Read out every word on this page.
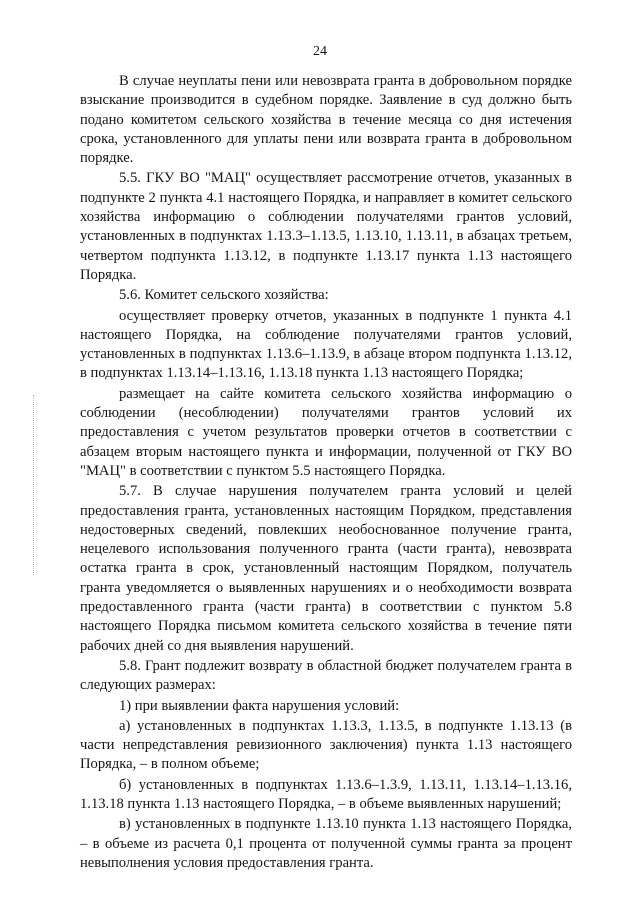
24

В случае неуплаты пени или невозврата гранта в добровольном порядке взыскание производится в судебном порядке. Заявление в суд должно быть подано комитетом сельского хозяйства в течение месяца со дня истечения срока, установленного для уплаты пени или возврата гранта в добровольном порядке.

5.5. ГКУ ВО "МАЦ" осуществляет рассмотрение отчетов, указанных в подпункте 2 пункта 4.1 настоящего Порядка, и направляет в комитет сельского хозяйства информацию о соблюдении получателями грантов условий, установленных в подпунктах 1.13.3–1.13.5, 1.13.10, 1.13.11, в абзацах третьем, четвертом подпункта 1.13.12, в подпункте 1.13.17 пункта 1.13 настоящего Порядка.

5.6. Комитет сельского хозяйства:

осуществляет проверку отчетов, указанных в подпункте 1 пункта 4.1 настоящего Порядка, на соблюдение получателями грантов условий, установленных в подпунктах 1.13.6–1.13.9, в абзаце втором подпункта 1.13.12, в подпунктах 1.13.14–1.13.16, 1.13.18 пункта 1.13 настоящего Порядка;

размещает на сайте комитета сельского хозяйства информацию о соблюдении (несоблюдении) получателями грантов условий их предоставления с учетом результатов проверки отчетов в соответствии с абзацем вторым настоящего пункта и информации, полученной от ГКУ ВО "МАЦ" в соответствии с пунктом 5.5 настоящего Порядка.

5.7. В случае нарушения получателем гранта условий и целей предоставления гранта, установленных настоящим Порядком, представления недостоверных сведений, повлекших необоснованное получение гранта, нецелевого использования полученного гранта (части гранта), невозврата остатка гранта в срок, установленный настоящим Порядком, получатель гранта уведомляется о выявленных нарушениях и о необходимости возврата предоставленного гранта (части гранта) в соответствии с пунктом 5.8 настоящего Порядка письмом комитета сельского хозяйства в течение пяти рабочих дней со дня выявления нарушений.

5.8. Грант подлежит возврату в областной бюджет получателем гранта в следующих размерах:

1) при выявлении факта нарушения условий:

а) установленных в подпунктах 1.13.3, 1.13.5, в подпункте 1.13.13 (в части непредставления ревизионного заключения) пункта 1.13 настоящего Порядка, – в полном объеме;

б) установленных в подпунктах 1.13.6–1.3.9, 1.13.11, 1.13.14–1.13.16, 1.13.18 пункта 1.13 настоящего Порядка, – в объеме выявленных нарушений;

в) установленных в подпункте 1.13.10 пункта 1.13 настоящего Порядка, – в объеме из расчета 0,1 процента от полученной суммы гранта за процент невыполнения условия предоставления гранта.
